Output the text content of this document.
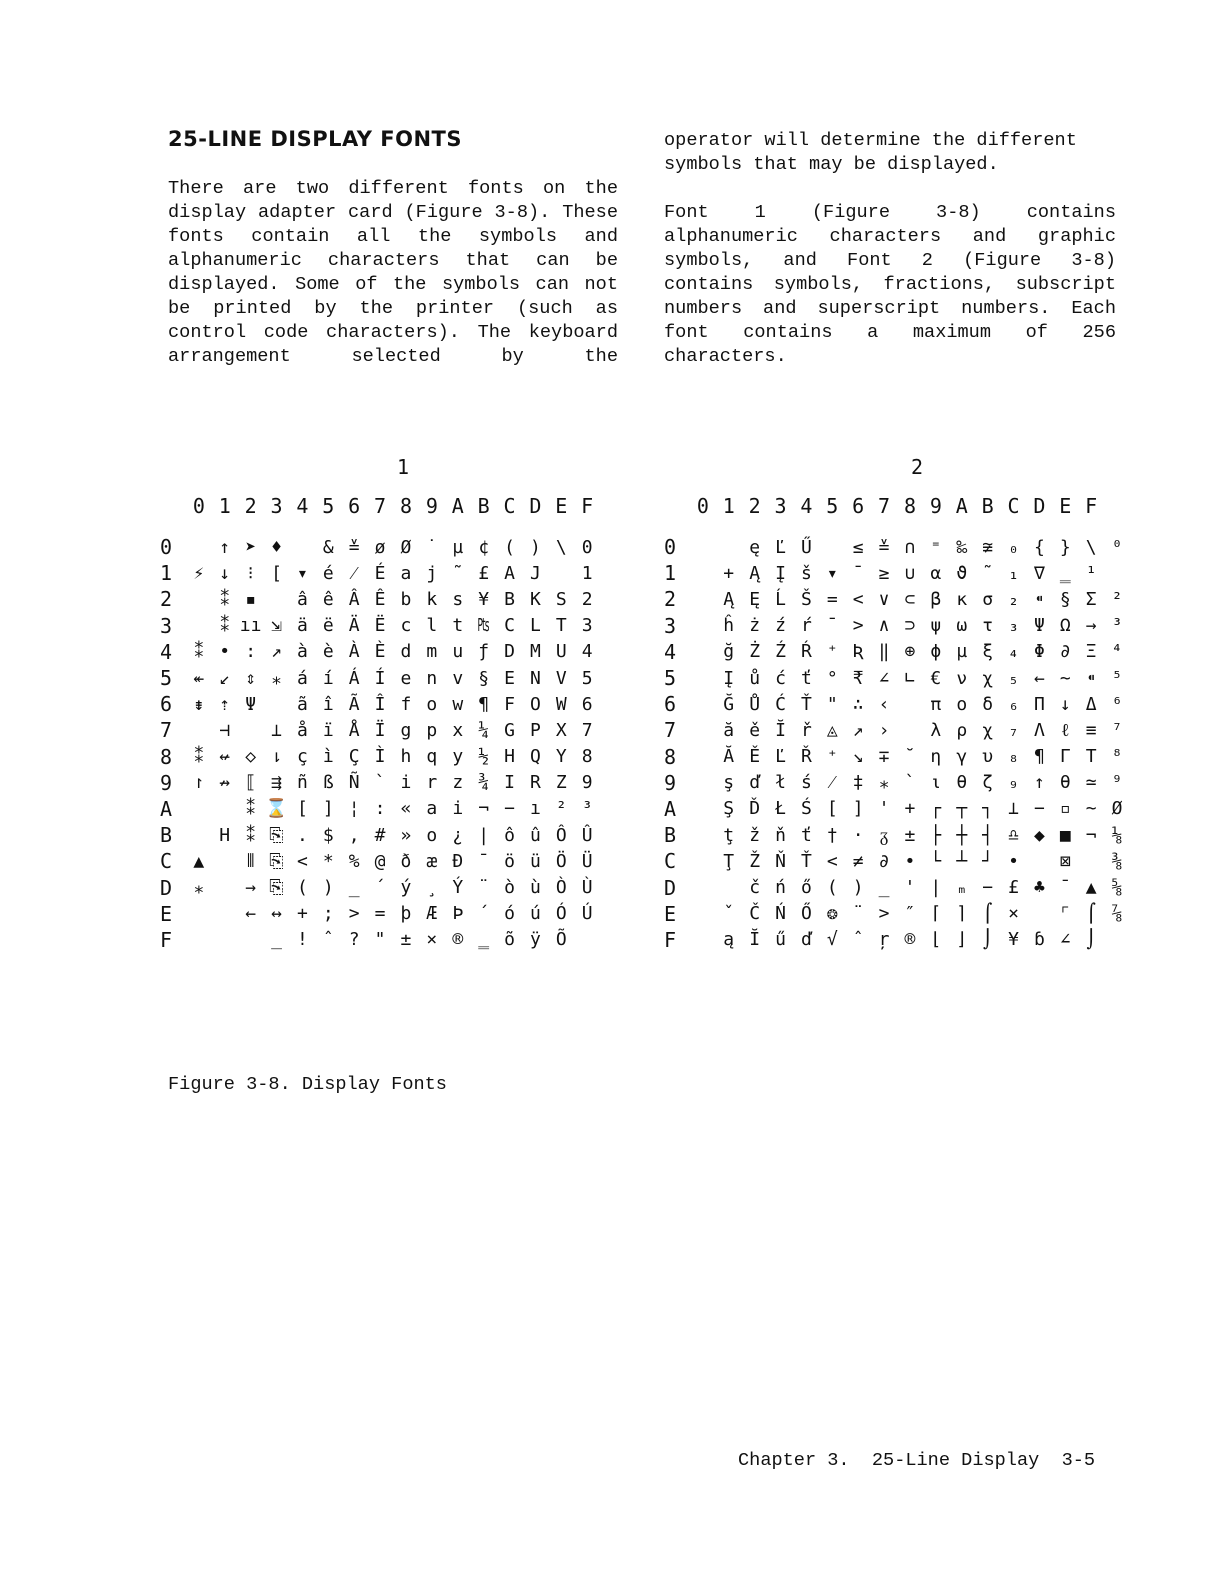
25-LINE DISPLAY FONTS

There are two different fonts on the display adapter card (Figure 3-8). These fonts contain all the symbols and alphanumeric characters that can be displayed. Some of the symbols can not be printed by the printer (such as control code characters). The keyboard arrangement selected by the

operator will determine the different symbols that may be displayed.

Font 1 (Figure 3-8) contains alphanumeric characters and graphic symbols, and Font 2 (Figure 3-8) contains symbols, fractions, subscript numbers and superscript numbers. Each font contains a maximum of 256 characters.

1	2
	0	1	2	3	4	5	6	7	8	9	A	B	C	D	E	F
0		↑	➤	♦		&	≚	ø	Ø	˙	µ	¢	(	)	\	0
1	⚡	↓	⁝	[	▾	é	⁄	É	a	j	˜	£	A	J		1
2		⁑	▪		â	ê	Â	Ê	b	k	s	¥	B	K	S	2
3		⁑	ıı	⇲	ä	ë	Ä	Ë	c	l	t	₧	C	L	T	3
4	⁑	•	:	↗	à	è	À	È	d	m	u	ƒ	D	M	U	4
5	↞	↙	⇕	⁎	á	í	Á	Í	e	n	v	§	E	N	V	5
6	⇟	⇡	Ψ		ã	î	Ã	Î	f	o	w	¶	F	O	W	6
7		⊣		⊥	å	ï	Å	Ï	g	p	x	¼	G	P	X	7
8	⁑	↚	◇	⇂	ç	ì	Ç	Ì	h	q	y	½	H	Q	Y	8
9	↾	↛	⟦	⇶	ñ	ß	Ñ	`	i	r	z	¾	I	R	Z	9
A			⁑	⌛	[	]	¦	:	«	a	i	¬	−	ı	²	³
B		H	⁑	⎘	.	$	,	#	»	o	¿	|	ô	û	Ô	Û
C	▲		⫴	⎘	<	*	%	@	ð	æ	Ð	¯	ö	ü	Ö	Ü
D	⁎		→	⎘	(	)	_	´	ý	¸	Ý	¨	ò	ù	Ò	Ù
E			←	↔	+	;	>	=	þ	Æ	Þ	´	ó	ú	Ó	Ú
F				_	!	ˆ	?	"	±	×	®	‗	õ	ÿ	Õ	
	0	1	2	3	4	5	6	7	8	9	A	B	C	D	E	F	
0			ę	Ľ	Ű		≤	≚	∩	⁼	‰	≆	₀	{	}	\	⁰
1		+	Ą	Į	š	▾	¯	≥	∪	α	ϑ	˜	₁	∇	‗	¹	
2		Ą	Ę	Ĺ	Š	=	<	∨	⊂	β	κ	σ	₂	⁌	§	Σ	²
3		ĥ	ż	ź	ŕ	¯	>	∧	⊃	ψ	ω	τ	₃	Ψ	Ω	→	³
4		ğ	Ż	Ź	Ŕ	⁺	Ʀ	‖	⊕	ϕ	µ	ξ	₄	Φ	∂	Ξ	⁴
5		Į	ů	ć	ť	°	₹	∠	∟	€	ν	χ	₅	←	~	⁌	⁵
6		Ğ	Ů	Ć	Ť	"	∴	‹		π	o	δ	₆	Π	↓	Δ	⁶
7		ă	ě	Ĭ	ř	◬	↗	›		λ	ρ	χ	₇	Λ	ℓ	≡	⁷
8		Ă	Ě	Ľ	Ř	⁺	↘	∓	˘	η	γ	υ	₈	¶	Γ	Τ	⁸
9		ş	ď	ł	ś	⁄	‡	⁎	`	ι	θ	ζ	₉	↑	θ	≃	⁹
A		Ş	Ď	Ł	Ś	[	]	'	+	┌	┬	┐	⊥	−	▫	~	Ø
B		ţ	ž	ň	ť	†	·	ᵹ	±	├	┼	┤	♎	◆	■	¬	⅛
C		Ţ	Ž	Ň	Ť	<	≠	∂	•	└	┴	┘	•		⊠		⅜
D			č	ń	ő	(	)	_	'	|	ₘ	−	£	♣	¯	▲	⅝
E		ˇ	Č	Ń	Ő	❂	¨	>	″	⌈	⌉	⌠	×		⌜	⌠	⅞
F		ą	Ĭ	ű	ď	√	ˆ	ŗ	®	⌊	⌋	⌡	¥	ɓ	∠	⌡	

Figure 3-8. Display Fonts

Chapter 3.  25-Line Display  3-5
